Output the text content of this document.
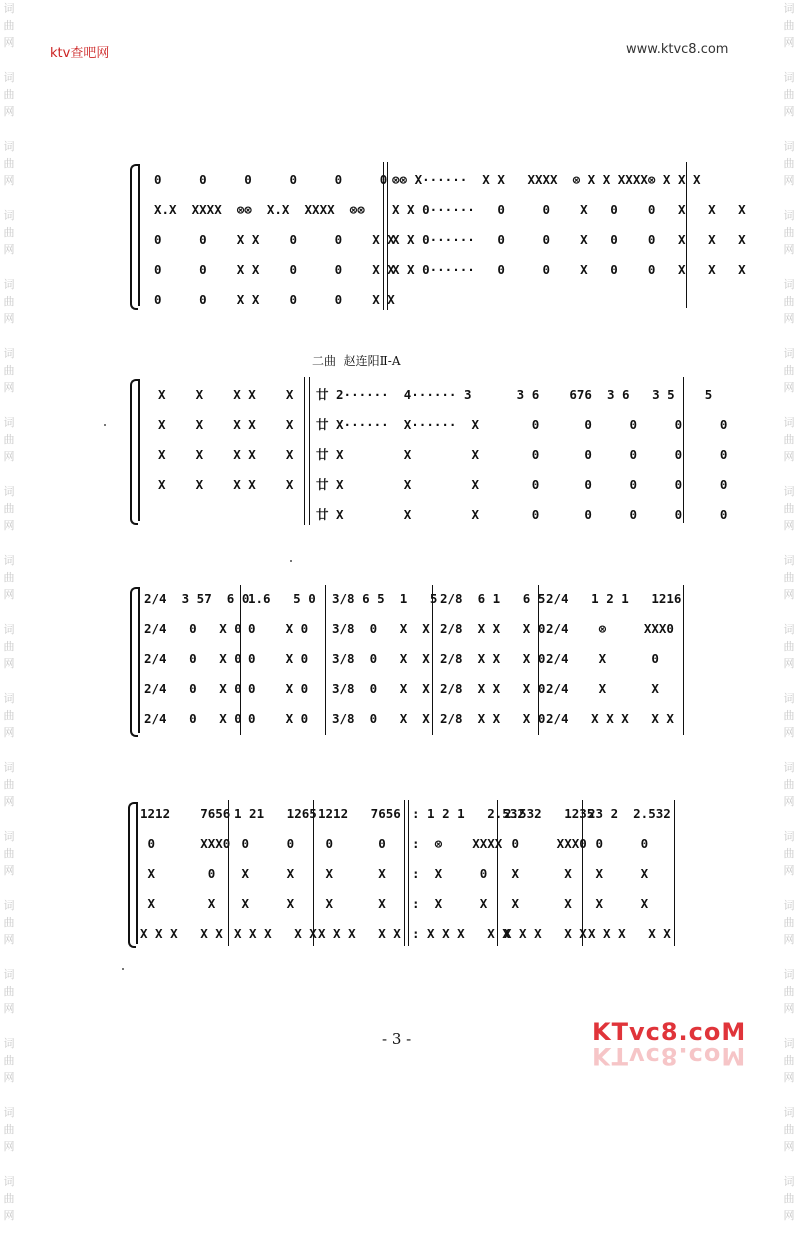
词
曲
网
词
曲
网
词
曲
网
词
曲
网
词
曲
网
词
曲
网
词
曲
网
词
曲
网
词
曲
网
词
曲
网
词
曲
网
词
曲
网
词
曲
网
词
曲
网
词
曲
网
词
曲
网
词
曲
网
词
曲
网
词
曲
网
词
曲
网
词
曲
网
词
曲
网
词
曲
网
词
曲
网
词
曲
网
词
曲
网
词
曲
网
词
曲
网
词
曲
网
词
曲
网
词
曲
网
词
曲
网
词
曲
网
词
曲
网
词
曲
网
词
曲
网
ktv查吧网	www.ktvc8.com
0     0     0     0     0     0 ⊗⊗ X······  X X   XXXX  ⊗ X X XXXX⊗ X X X
X.X  XXXX  ⊗⊗  X.X  XXXX  ⊗⊗ X X 0······   0     0    X   0    0   X   X   X
0     0    X X    0     0    X X
X X 0······   0     0    X   0    0   X   X   X
0     0    X X    0     0    X X
X X 0······   0     0    X   0    0   X   X   X
0     0    X X    0     0    X X
二曲  赵连阳Ⅱ-A
X    X    X X    X 廿 2······  4······ 3      3 6    676  3 6   3 5    5
X    X    X X    X 廿 X······  X······  X       0      0     0     0     0
X    X    X X    X 廿 X        X        X       0      0     0     0     0
X    X    X X    X 廿 X        X        X       0      0     0     0     0
廿 X        X        X       0      0     0     0     0
2/4  3 57  6 0
1.6   5 0 3/8 6 5  1   5 2/8  6 1   6 5 2/4   1 2 1   1216
2/4   0   X 0 0    X 0 3/8  0   X  X 2/8  X X   X 0 2/4    ⊗     XXX0
2/4   0   X 0 0    X 0 3/8  0   X  X 2/8  X X   X 0 2/4    X      0
2/4   0   X 0 0    X 0 3/8  0   X  X 2/8  X X   X 0 2/4    X      X
2/4   0   X 0 0    X 0 3/8  0   X  X 2/8  X X   X 0 2/4   X X X   X X
1212    7656 1 21   1265 1212   7656 : 1 2 1   2.532
2.532   1235
23 2  2.532
0      XXX0 0     0 0      0 :  ⊗    XXXX 0     XXX0 0     0
X       0 X     X X      X :  X     0 X      X X     X
X       X X     X X      X :  X     X X      X X     X
X X X   X X X X X   X X X X X   X X : X X X   X X
X X X   X X X X X   X X
- 3 -	KTvc8.coM
KTvc8.coM
